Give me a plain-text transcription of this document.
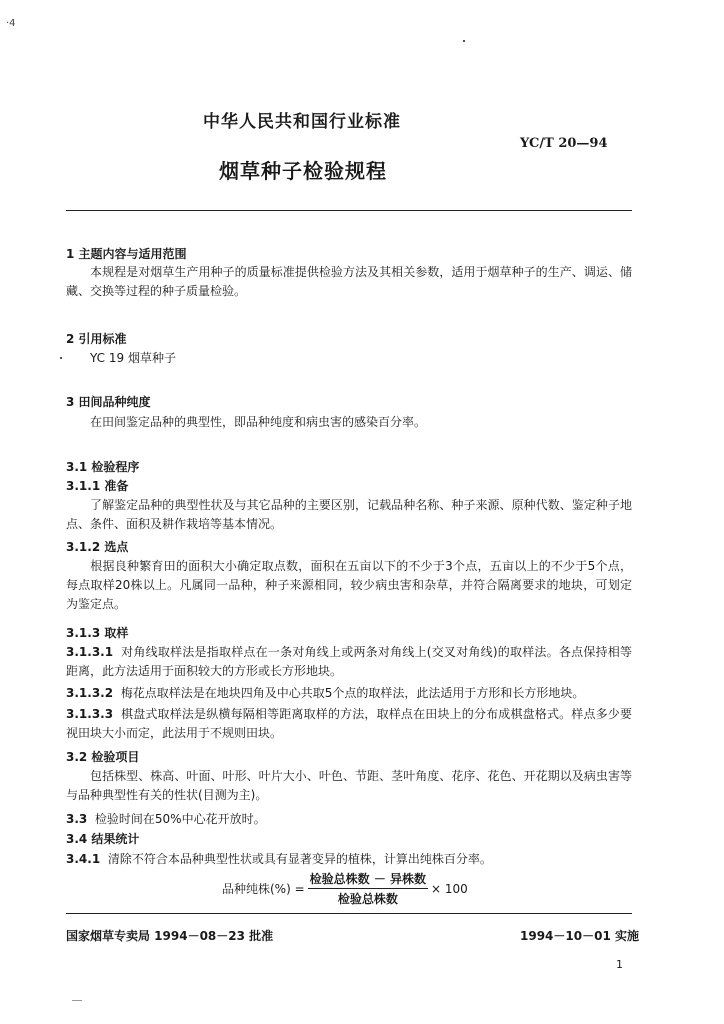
·4
中华人民共和国行业标准
YC/T 20—94
烟草种子检验规程
1 主题内容与适用范围
本规程是对烟草生产用种子的质量标准提供检验方法及其相关参数，适用于烟草种子的生产、调运、储藏、交换等过程的种子质量检验。
2 引用标准
YC 19 烟草种子
3 田间品种纯度
在田间鉴定品种的典型性，即品种纯度和病虫害的感染百分率。
3.1 检验程序
3.1.1 准备
了解鉴定品种的典型性状及与其它品种的主要区别，记载品种名称、种子来源、原种代数、鉴定种子地点、条件、面积及耕作栽培等基本情况。
3.1.2 选点
根据良种繁育田的面积大小确定取点数，面积在五亩以下的不少于3个点，五亩以上的不少于5个点，每点取样20株以上。凡属同一品种，种子来源相同，较少病虫害和杂草，并符合隔离要求的地块，可划定为鉴定点。
3.1.3 取样
3.1.3.1 对角线取样法是指取样点在一条对角线上或两条对角线上(交叉对角线)的取样法。各点保持相等距离，此方法适用于面积较大的方形或长方形地块。
3.1.3.2 梅花点取样法是在地块四角及中心共取5个点的取样法，此法适用于方形和长方形地块。
3.1.3.3 棋盘式取样法是纵横每隔相等距离取样的方法，取样点在田块上的分布成棋盘格式。样点多少要视田块大小而定，此法用于不规则田块。
3.2 检验项目
包括株型、株高、叶面、叶形、叶片大小、叶色、节距、茎叶角度、花序、花色、开花期以及病虫害等与品种典型性有关的性状(目测为主)。
3.3 检验时间在50%中心花开放时。
3.4 结果统计
3.4.1 清除不符合本品种典型性状或具有显著变异的植株，计算出纯株百分率。
品种纯株(%) = $\frac{\text{检验总株数 － 异株数}}{\text{检验总株数}} \times 100$
国家烟草专卖局 1994－08－23 批准	1994－10－01 实施
1
